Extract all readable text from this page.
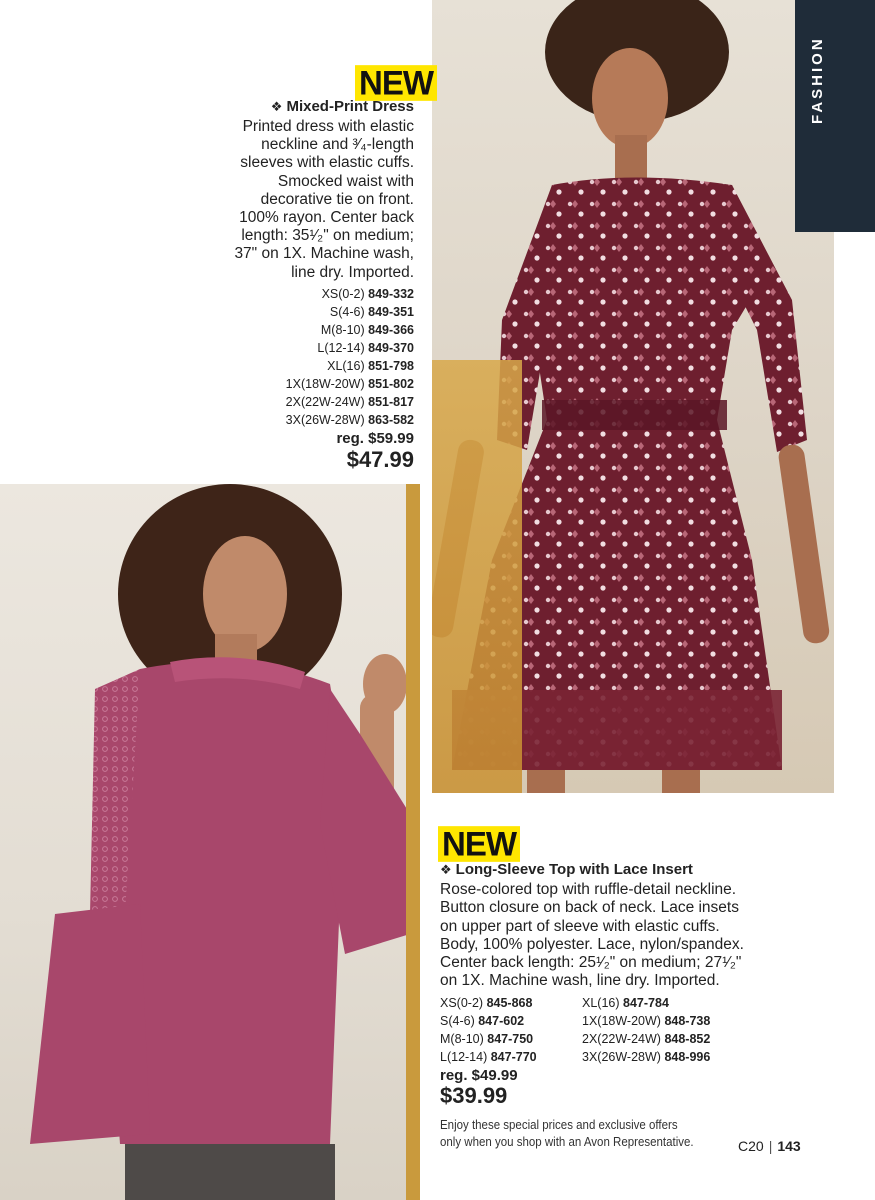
FASHION
NEW
❖ Mixed-Print Dress
Printed dress with elastic
neckline and ³⁄₄-length
sleeves with elastic cuffs.
Smocked waist with
decorative tie on front.
100% rayon. Center back
length: 35¹⁄₂" on medium;
37" on 1X. Machine wash,
line dry. Imported.
XS(0-2) 849-332
S(4-6) 849-351
M(8-10) 849-366
L(12-14) 849-370
XL(16) 851-798
1X(18W-20W) 851-802
2X(22W-24W) 851-817
3X(26W-28W) 863-582
reg. $59.99
$47.99
NEW
❖ Long-Sleeve Top with Lace Insert
Rose-colored top with ruffle-detail neckline.
Button closure on back of neck. Lace insets
on upper part of sleeve with elastic cuffs.
Body, 100% polyester. Lace, nylon/spandex.
Center back length: 25¹⁄₂" on medium; 27¹⁄₂"
on 1X. Machine wash, line dry. Imported.
XS(0-2) 845-868	XL(16) 847-784
S(4-6) 847-602	1X(18W-20W) 848-738
M(8-10) 847-750	2X(22W-24W) 848-852
L(12-14) 847-770	3X(26W-28W) 848-996
reg. $49.99
$39.99
Enjoy these special prices and exclusive offers
only when you shop with an Avon Representative.	C20 | 143
